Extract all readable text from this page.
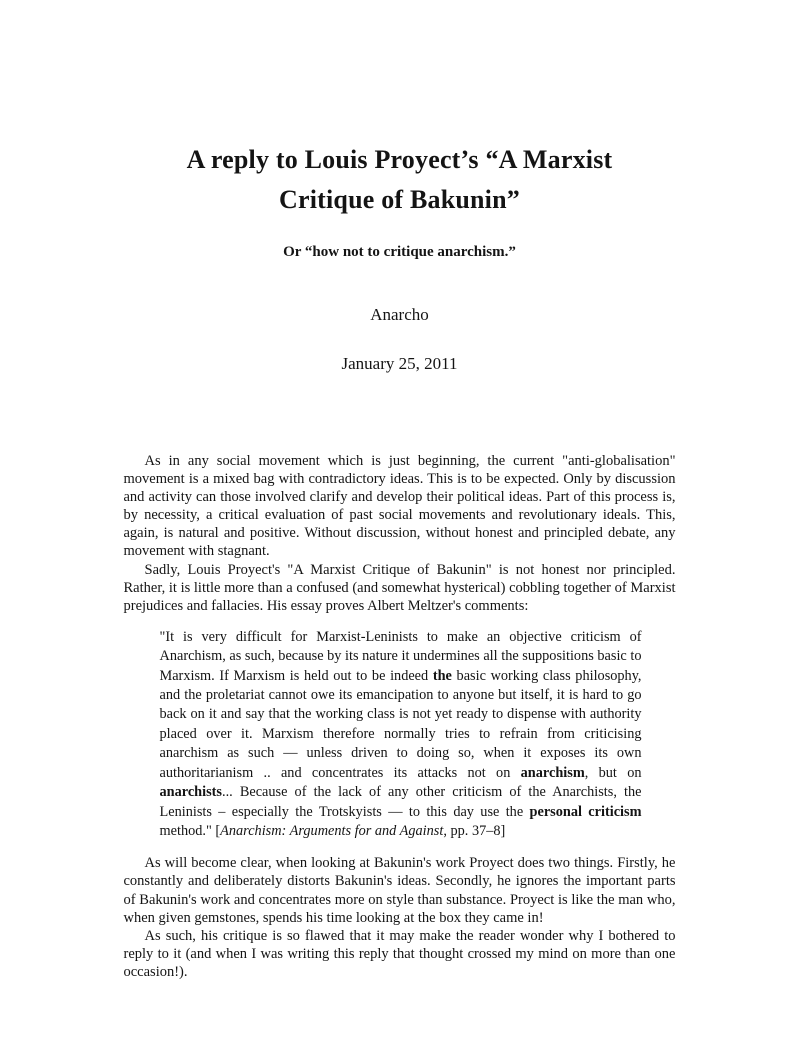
A reply to Louis Proyect’s “A Marxist Critique of Bakunin”
Or “how not to critique anarchism.”
Anarcho
January 25, 2011

As in any social movement which is just beginning, the current "anti-globalisation" movement is a mixed bag with contradictory ideas. This is to be expected. Only by discussion and activity can those involved clarify and develop their political ideas. Part of this process is, by necessity, a critical evaluation of past social movements and revolutionary ideals. This, again, is natural and positive. Without discussion, without honest and principled debate, any movement with stagnant.

Sadly, Louis Proyect's "A Marxist Critique of Bakunin" is not honest nor principled. Rather, it is little more than a confused (and somewhat hysterical) cobbling together of Marxist prejudices and fallacies. His essay proves Albert Meltzer's comments:

"It is very difficult for Marxist-Leninists to make an objective criticism of Anarchism, as such, because by its nature it undermines all the suppositions basic to Marxism. If Marxism is held out to be indeed the basic working class philosophy, and the proletariat cannot owe its emancipation to anyone but itself, it is hard to go back on it and say that the working class is not yet ready to dispense with authority placed over it. Marxism therefore normally tries to refrain from criticising anarchism as such — unless driven to doing so, when it exposes its own authoritarianism .. and concentrates its attacks not on anarchism, but on anarchists... Because of the lack of any other criticism of the Anarchists, the Leninists – especially the Trotskyists — to this day use the personal criticism method." [Anarchism: Arguments for and Against, pp. 37–8]

As will become clear, when looking at Bakunin's work Proyect does two things. Firstly, he constantly and deliberately distorts Bakunin's ideas. Secondly, he ignores the important parts of Bakunin's work and concentrates more on style than substance. Proyect is like the man who, when given gemstones, spends his time looking at the box they came in!

As such, his critique is so flawed that it may make the reader wonder why I bothered to reply to it (and when I was writing this reply that thought crossed my mind on more than one occasion!).
